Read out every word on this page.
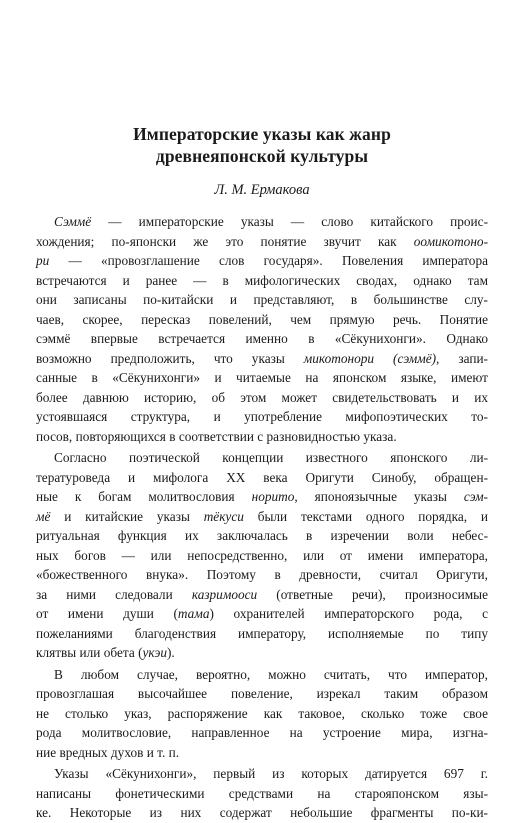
Императорские указы как жанр
древнеяпонской культуры
Л. М. Ермакова

Сэммё — императорские указы — слово китайского проис-
хождения; по-японски же это понятие звучит как оомикотоно-
ри — «провозглашение слов государя». Повеления императора
встречаются и ранее — в мифологических сводах, однако там
они записаны по-китайски и представляют, в большинстве слу-
чаев, скорее, пересказ повелений, чем прямую речь. Понятие
сэммё впервые встречается именно в «Сёкунихонги». Однако
возможно предположить, что указы микотонори (сэммё), запи-
санные в «Сёкунихонги» и читаемые на японском языке, имеют
более давнюю историю, об этом может свидетельствовать и их
устоявшаяся структура, и употребление мифопоэтических то-
посов, повторяющихся в соответствии с разновидностью указа.

Согласно поэтической концепции известного японского ли-
тературоведа и мифолога XX века Оригути Синобу, обращен-
ные к богам молитвословия норито, японоязычные указы сэм-
мё и китайские указы тёкуси были текстами одного порядка, и
ритуальная функция их заключалась в изречении воли небес-
ных богов — или непосредственно, или от имени императора,
«божественного внука». Поэтому в древности, считал Оригути,
за ними следовали казримооси (ответные речи), произносимые
от имени души (тама) охранителей императорского рода, с
пожеланиями благоденствия императору, исполняемые по типу
клятвы или обета (укэи).

В любом случае, вероятно, можно считать, что император,
провозглашая высочайшее повеление, изрекал таким образом
не столько указ, распоряжение как таковое, сколько тоже свое
рода молитвословие, направленное на устроение мира, изгна-
ние вредных духов и т. п.

Указы «Сёкунихонги», первый из которых датируется 697 г.
написаны фонетическими средствами на старояпонском язы-
ке. Некоторые из них содержат небольшие фрагменты по-ки-
